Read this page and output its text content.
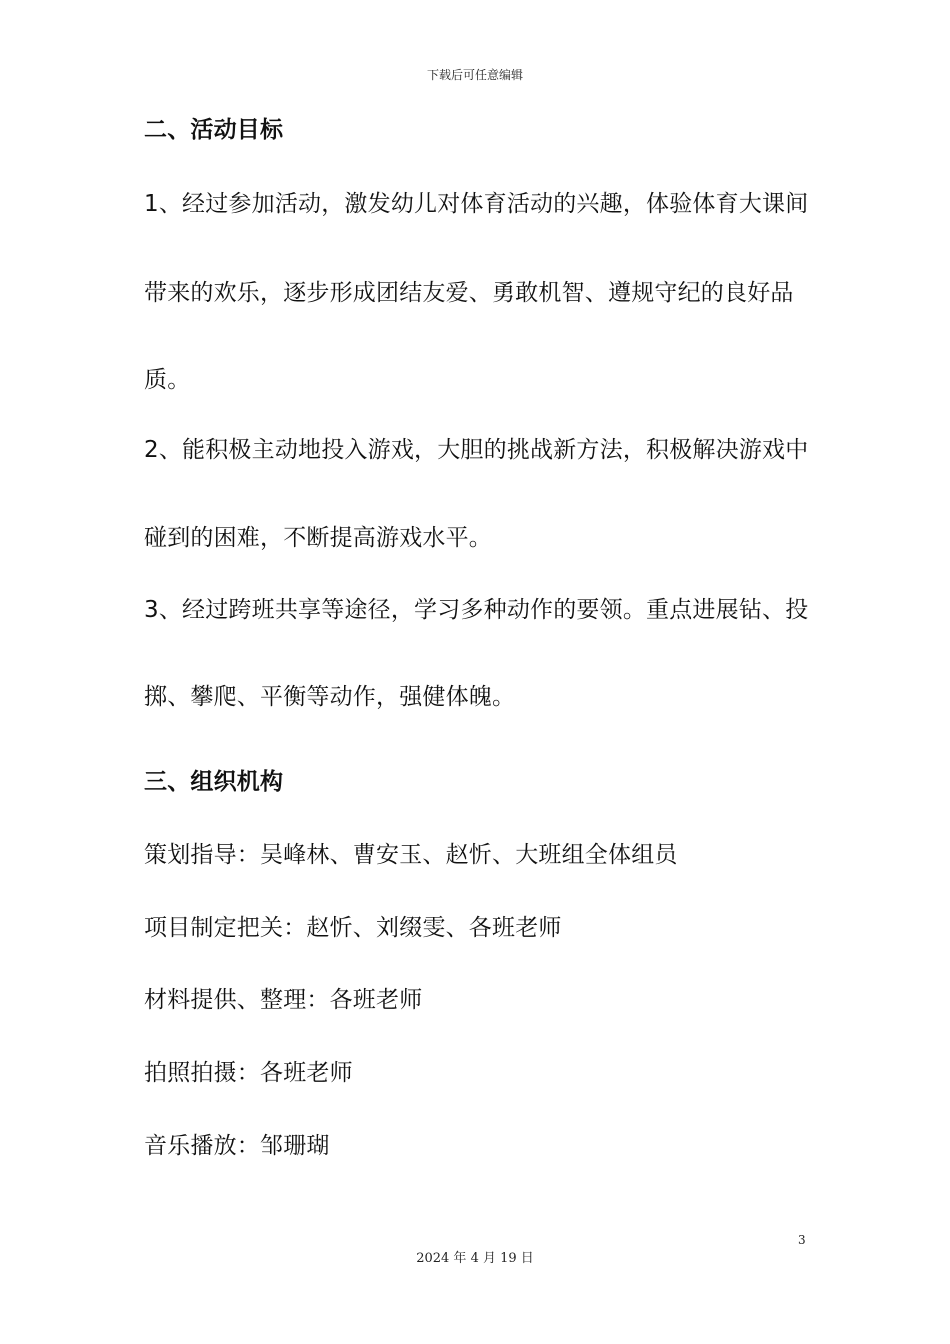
下载后可任意编辑
二、活动目标
1、经过参加活动，激发幼儿对体育活动的兴趣，体验体育大课间
带来的欢乐，逐步形成团结友爱、勇敢机智、遵规守纪的良好品
质。
2、能积极主动地投入游戏，大胆的挑战新方法，积极解决游戏中
碰到的困难，不断提高游戏水平。
3、经过跨班共享等途径，学习多种动作的要领。重点进展钻、投
掷、攀爬、平衡等动作，强健体魄。
三、组织机构
策划指导：吴峰林、曹安玉、赵忻、大班组全体组员
项目制定把关：赵忻、刘缀雯、各班老师
材料提供、整理：各班老师
拍照拍摄：各班老师
音乐播放：邹珊瑚
3
2024 年 4 月 19 日
